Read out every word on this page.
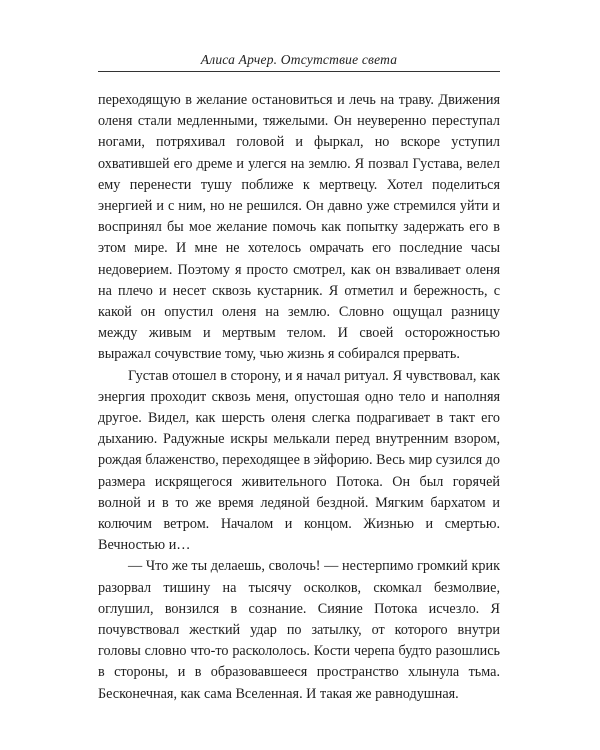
Алиса Арчер. Отсутствие света

переходящую в желание остановиться и лечь на траву. Движения оленя стали медленными, тяжелыми. Он неуверенно переступал ногами, потряхивал головой и фыркал, но вскоре уступил охватившей его дреме и улегся на землю. Я позвал Густава, велел ему перенести тушу поближе к мертвецу. Хотел поделиться энергией и с ним, но не решился. Он давно уже стремился уйти и воспринял бы мое желание помочь как попытку задержать его в этом мире. И мне не хотелось омрачать его последние часы недоверием. Поэтому я просто смотрел, как он взваливает оленя на плечо и несет сквозь кустарник. Я отметил и бережность, с какой он опустил оленя на землю. Словно ощущал разницу между живым и мертвым телом. И своей осторожностью выражал сочувствие тому, чью жизнь я собирался прервать.

Густав отошел в сторону, и я начал ритуал. Я чувствовал, как энергия проходит сквозь меня, опустошая одно тело и наполняя другое. Видел, как шерсть оленя слегка подрагивает в такт его дыханию. Радужные искры мелькали перед внутренним взором, рождая блаженство, переходящее в эйфорию. Весь мир сузился до размера искрящегося живительного Потока. Он был горячей волной и в то же время ледяной бездной. Мягким бархатом и колючим ветром. Началом и концом. Жизнью и смертью. Вечностью и…

— Что же ты делаешь, сволочь! — нестерпимо громкий крик разорвал тишину на тысячу осколков, скомкал безмолвие, оглушил, вонзился в сознание. Сияние Потока исчезло. Я почувствовал жесткий удар по затылку, от которого внутри головы словно что-то раскололось. Кости черепа будто разошлись в стороны, и в образовавшееся пространство хлынула тьма. Бесконечная, как сама Вселенная. И такая же равнодушная.
